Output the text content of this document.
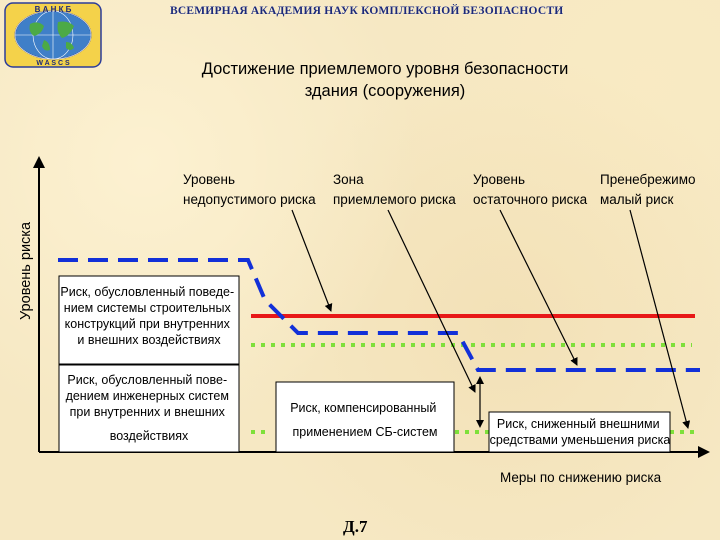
В А Н К Б
W A S C S
ВСЕМИРНАЯ АКАДЕМИЯ НАУК КОМПЛЕКСНОЙ БЕЗОПАСНОСТИ
Достижение приемлемого уровня безопасности
здания (сооружения)
Уровень риска
Меры по снижению риска
Риск, обусловленный поведе- нием системы строительных конструкций при внутренних и внешних воздействиях
Риск, обусловленный пове- дением инженерных систем при внутренних и внешних воздействиях
Риск, компенсированный применением СБ-систем
Риск, сниженный внешними средствами уменьшения риска
Уровень недопустимого риска
Зона приемлемого риска
Уровень остаточного риска
Пренебрежимо малый риск
Д.7
